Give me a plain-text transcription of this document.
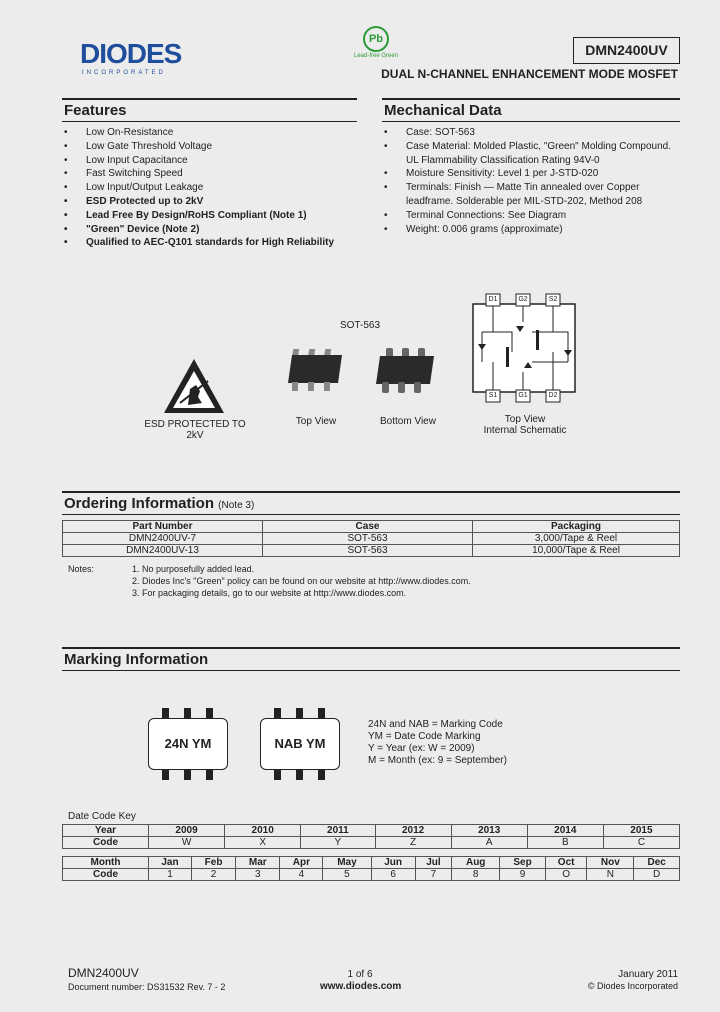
DIODES
INCORPORATED
Pb
Lead-free Green	DMN2400UV
DUAL N-CHANNEL ENHANCEMENT MODE MOSFET
Features
• Low On-Resistance
• Low Gate Threshold Voltage
• Low Input Capacitance
• Fast Switching Speed
• Low Input/Output Leakage
• ESD Protected up to 2kV
• Lead Free By Design/RoHS Compliant (Note 1)
• "Green" Device (Note 2)
• Qualified to AEC-Q101 standards for High Reliability
Mechanical Data
• Case: SOT-563
• Case Material: Molded Plastic, "Green" Molding Compound. UL Flammability Classification Rating 94V-0
• Moisture Sensitivity: Level 1 per J-STD-020
• Terminals: Finish — Matte Tin annealed over Copper leadframe. Solderable per MIL-STD-202, Method 208
• Terminal Connections: See Diagram
• Weight: 0.006 grams (approximate)
ESD PROTECTED TO 2kV
SOT-563
Top View	Bottom View
D1	G2	S2
S1	G1	D2
Top View
Internal Schematic
Ordering Information (Note 3)
Part Number	Case	Packaging
DMN2400UV-7	SOT-563	3,000/Tape & Reel
DMN2400UV-13	SOT-563	10,000/Tape & Reel
Notes:	1. No purposefully added lead.
2. Diodes Inc's "Green" policy can be found on our website at http://www.diodes.com.
3. For packaging details, go to our website at http://www.diodes.com.
Marking Information
24N YM	NAB YM
24N and NAB = Marking Code
YM = Date Code Marking
Y = Year (ex: W = 2009)
M = Month (ex: 9 = September)
Date Code Key
Year	2009	2010	2011	2012	2013	2014	2015
Code	W	X	Y	Z	A	B	C
Month	Jan	Feb	Mar	Apr	May	Jun	Jul	Aug	Sep	Oct	Nov	Dec
Code	1	2	3	4	5	6	7	8	9	O	N	D
DMN2400UV
Document number: DS31532 Rev. 7 - 2
1 of 6
www.diodes.com
January 2011
© Diodes Incorporated
